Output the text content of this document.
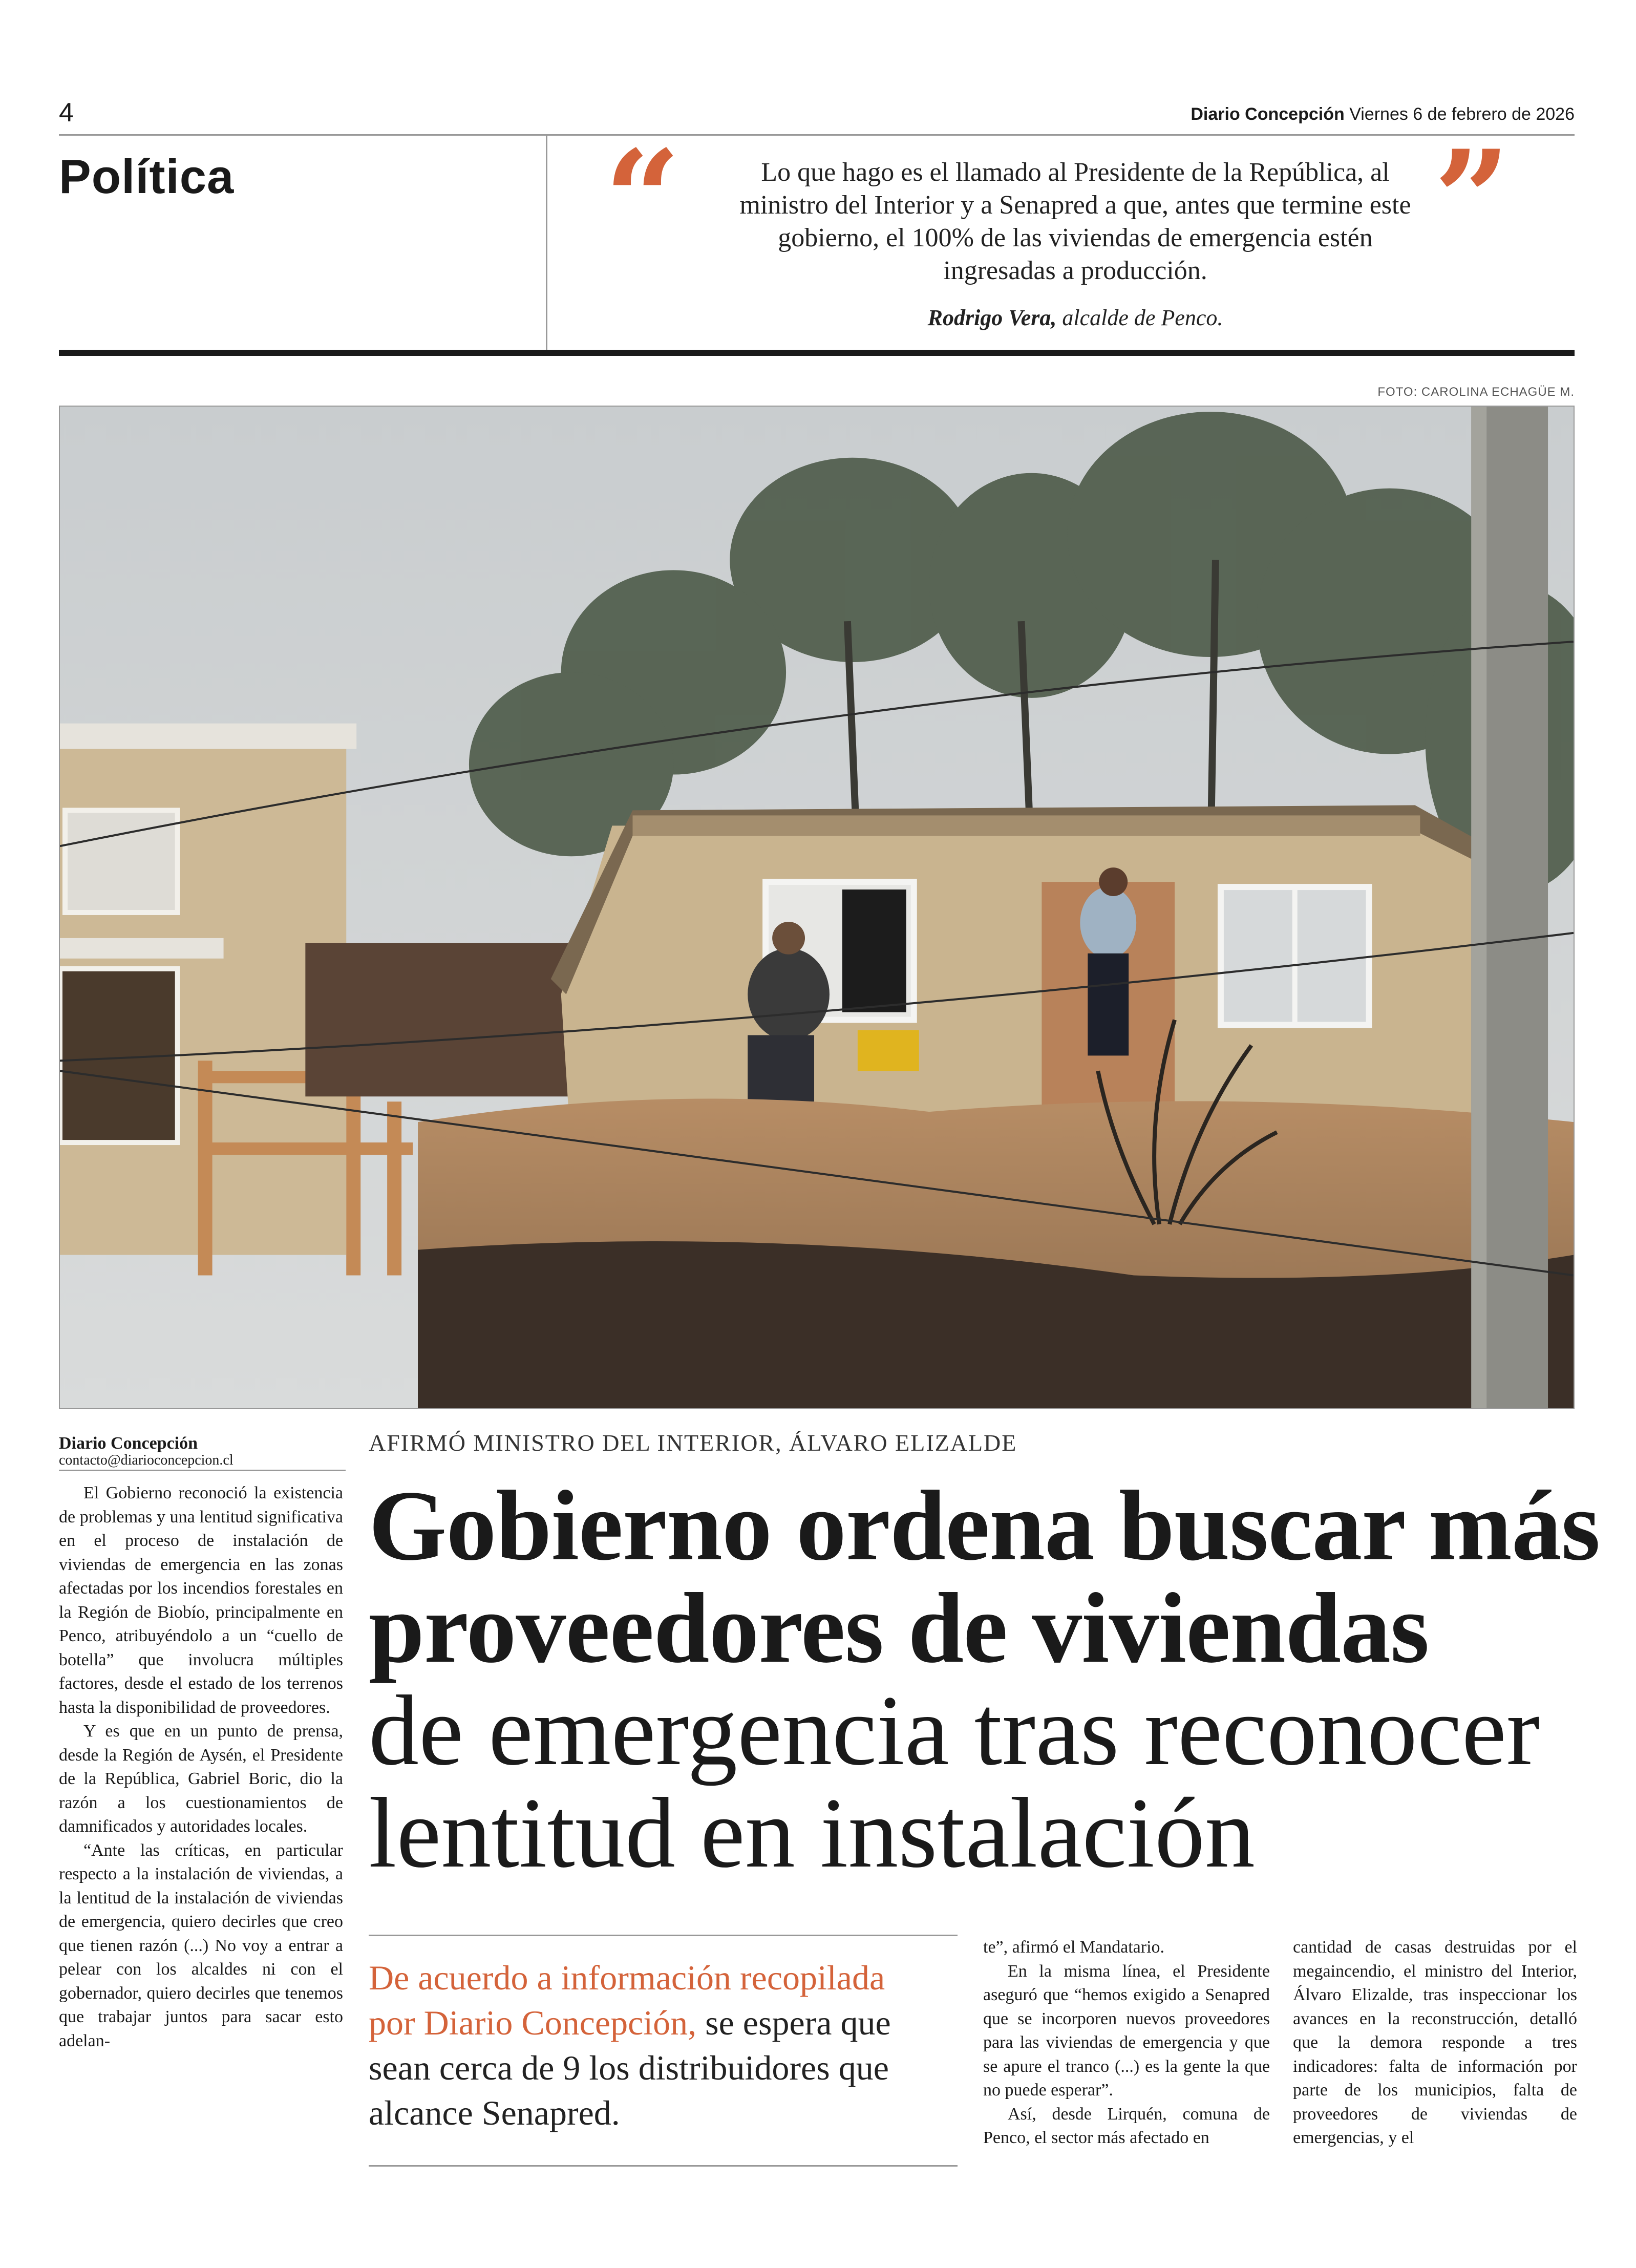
4	Diario Concepción Viernes 6 de febrero de 2026
Política	“	Lo que hago es el llamado al Presidente de la República, al ministro del Interior y a Senapred a que, antes que termine este gobierno, el 100% de las viviendas de emergencia estén ingresadas a producción.
Rodrigo Vera, alcalde de Penco.
”
FOTO: CAROLINA ECHAGÜE M.
Diario Concepción
contacto@diarioconcepcion.cl
AFIRMÓ MINISTRO DEL INTERIOR, ÁLVARO ELIZALDE
Gobierno ordena buscar más
proveedores de viviendas
de emergencia tras reconocer
lentitud en instalación

El Gobierno reconoció la existencia de problemas y una lentitud significativa en el proceso de instalación de viviendas de emergencia en las zonas afectadas por los incendios forestales en la Región de Biobío, principalmente en Penco, atribuyéndolo a un “cuello de botella” que involucra múltiples factores, desde el estado de los terrenos hasta la disponibilidad de proveedores.

Y es que en un punto de prensa, desde la Región de Aysén, el Presidente de la República, Gabriel Boric, dio la razón a los cuestionamientos de damnificados y autoridades locales.

“Ante las críticas, en particular respecto a la instalación de viviendas, a la lentitud de la instalación de viviendas de emergencia, quiero decirles que creo que tienen razón (...) No voy a entrar a pelear con los alcaldes ni con el gobernador, quiero decirles que tenemos que trabajar juntos para sacar esto adelan-

De acuerdo a información recopilada por Diario Concepción, se espera que sean cerca de 9 los distribuidores que alcance Senapred.

te”, afirmó el Mandatario.

En la misma línea, el Presidente aseguró que “hemos exigido a Senapred que se incorporen nuevos proveedores para las viviendas de emergencia y que se apure el tranco (...) es la gente la que no puede esperar”.

Así, desde Lirquén, comuna de Penco, el sector más afectado en

cantidad de casas destruidas por el megaincendio, el ministro del Interior, Álvaro Elizalde, tras inspeccionar los avances en la reconstrucción, detalló que la demora responde a tres indicadores: falta de información por parte de los municipios, falta de proveedores de viviendas de emergencias, y el
